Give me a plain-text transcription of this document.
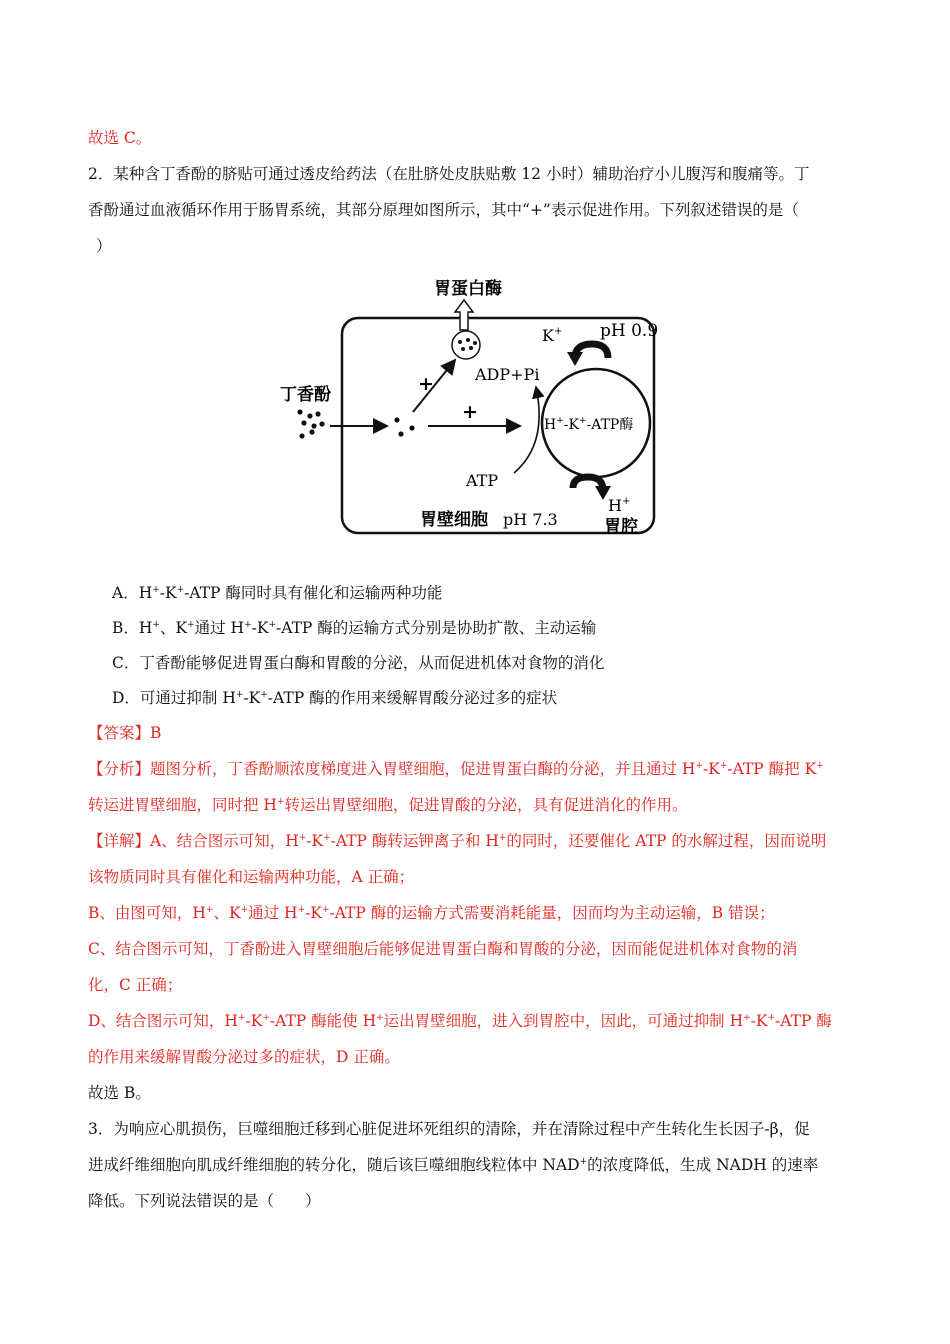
故选 C。
2．某种含丁香酚的脐贴可通过透皮给药法（在肚脐处皮肤贴敷 12 小时）辅助治疗小儿腹泻和腹痛等。丁
香酚通过血液循环作用于肠胃系统，其部分原理如图所示，其中“+”表示促进作用。下列叙述错误的是（
）
胃蛋白酶
丁香酚	+
+
ADP+Pi
ATP
H+-K+-ATP酶
K+ pH 0.9
H+
胃腔
胃壁细胞 pH 7.3
A．H+-K+-ATP 酶同时具有催化和运输两种功能
B．H+、K+通过 H+-K+-ATP 酶的运输方式分别是协助扩散、主动运输
C．丁香酚能够促进胃蛋白酶和胃酸的分泌，从而促进机体对食物的消化
D．可通过抑制 H+-K+-ATP 酶的作用来缓解胃酸分泌过多的症状
【答案】B
【分析】题图分析，丁香酚顺浓度梯度进入胃壁细胞，促进胃蛋白酶的分泌，并且通过 H+-K+-ATP 酶把 K+
转运进胃壁细胞，同时把 H+转运出胃壁细胞，促进胃酸的分泌，具有促进消化的作用。
【详解】A、结合图示可知，H+-K+-ATP 酶转运钾离子和 H+的同时，还要催化 ATP 的水解过程，因而说明
该物质同时具有催化和运输两种功能，A 正确；
B、由图可知，H+、K+通过 H+-K+-ATP 酶的运输方式需要消耗能量，因而均为主动运输，B 错误；
C、结合图示可知，丁香酚进入胃壁细胞后能够促进胃蛋白酶和胃酸的分泌，因而能促进机体对食物的消
化，C 正确；
D、结合图示可知，H+-K+-ATP 酶能使 H+运出胃壁细胞，进入到胃腔中，因此，可通过抑制 H+-K+-ATP 酶
的作用来缓解胃酸分泌过多的症状，D 正确。
故选 B。
3．为响应心肌损伤，巨噬细胞迁移到心脏促进坏死组织的清除，并在清除过程中产生转化生长因子-β，促
进成纤维细胞向肌成纤维细胞的转分化，随后该巨噬细胞线粒体中 NAD+的浓度降低，生成 NADH 的速率
降低。下列说法错误的是（　　）
